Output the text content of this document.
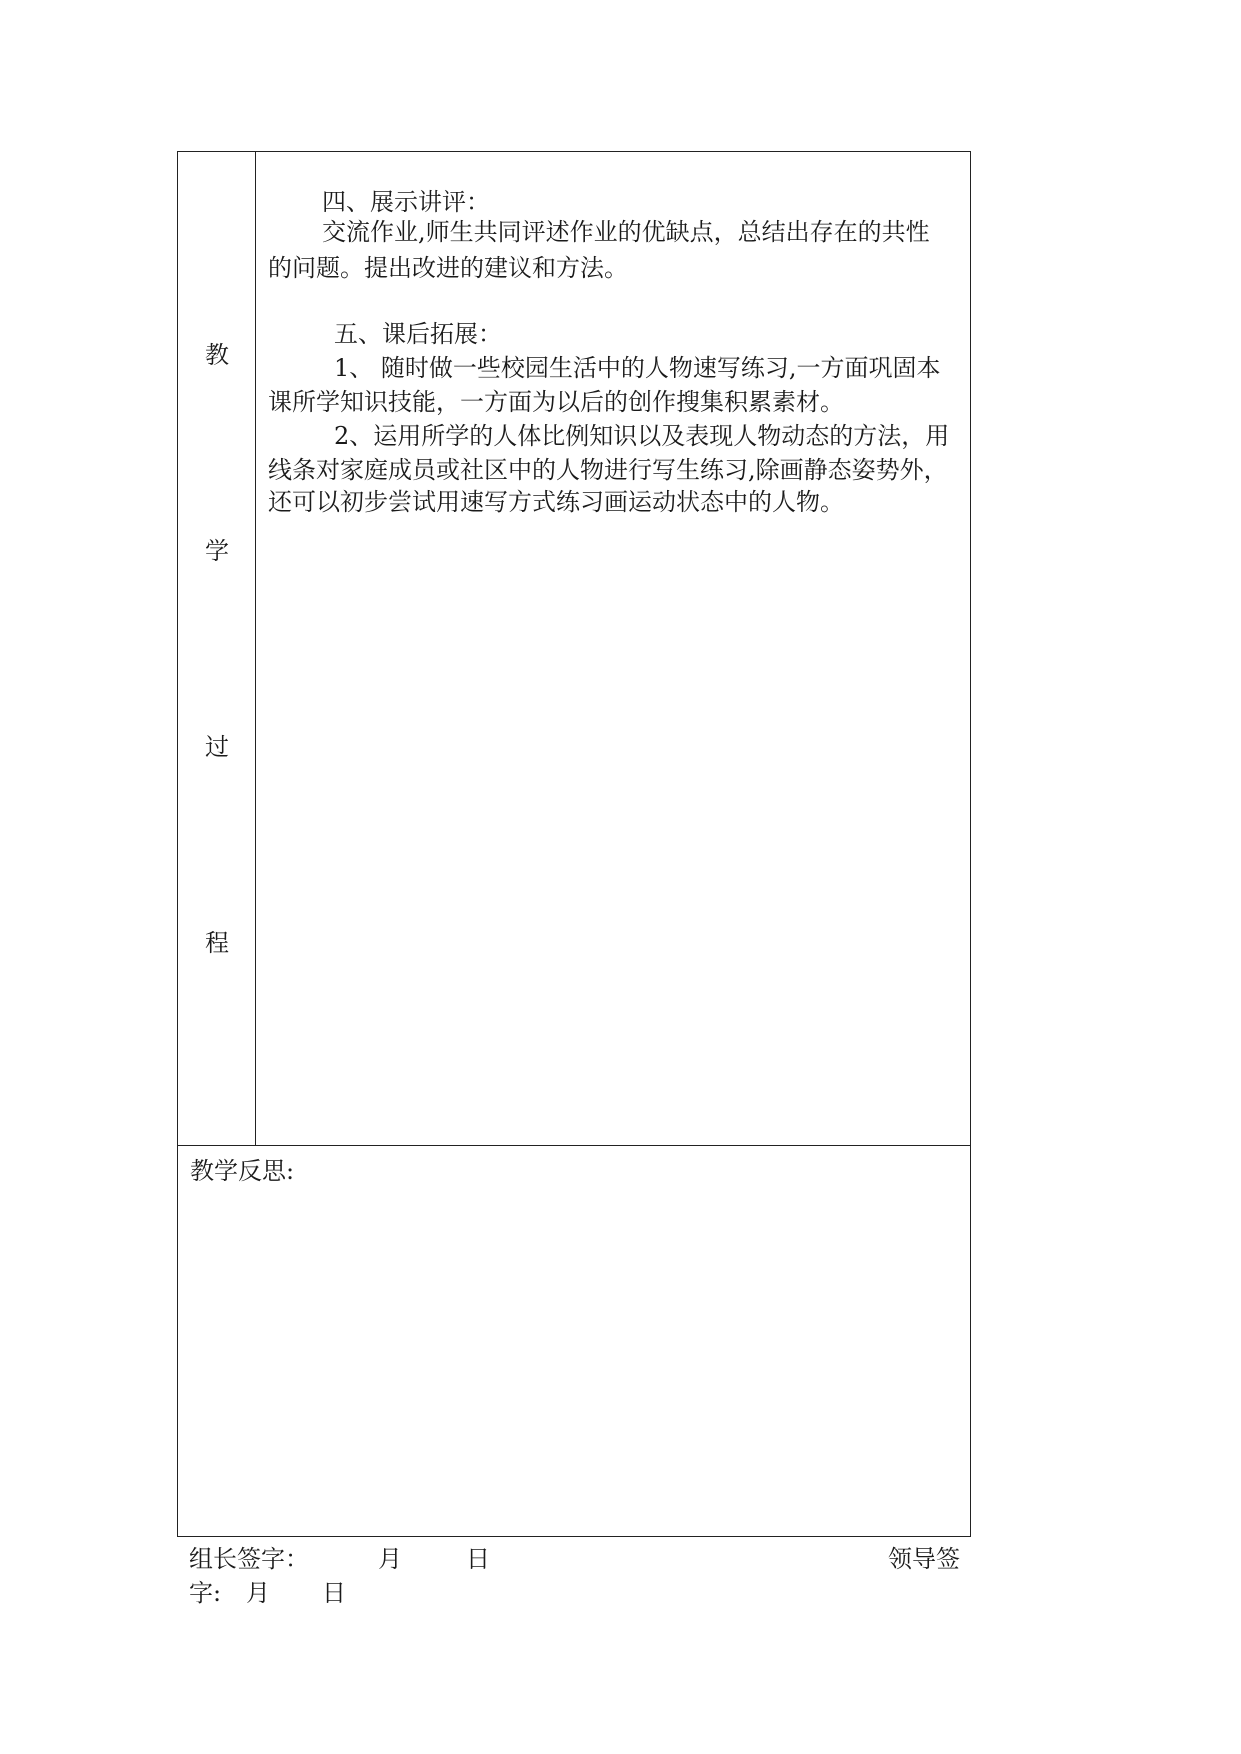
教
学
过
程
四、展示讲评：
交流作业,师生共同评述作业的优缺点，总结出存在的共性
的问题。提出改进的建议和方法。
五、课后拓展：
1、 随时做一些校园生活中的人物速写练习,一方面巩固本
课所学知识技能，一方面为以后的创作搜集积累素材。
2、运用所学的人体比例知识以及表现人物动态的方法，用
线条对家庭成员或社区中的人物进行写生练习,除画静态姿势外，
还可以初步尝试用速写方式练习画运动状态中的人物。
教学反思:
组长签字：	月	日	领导签
字: 月 日
